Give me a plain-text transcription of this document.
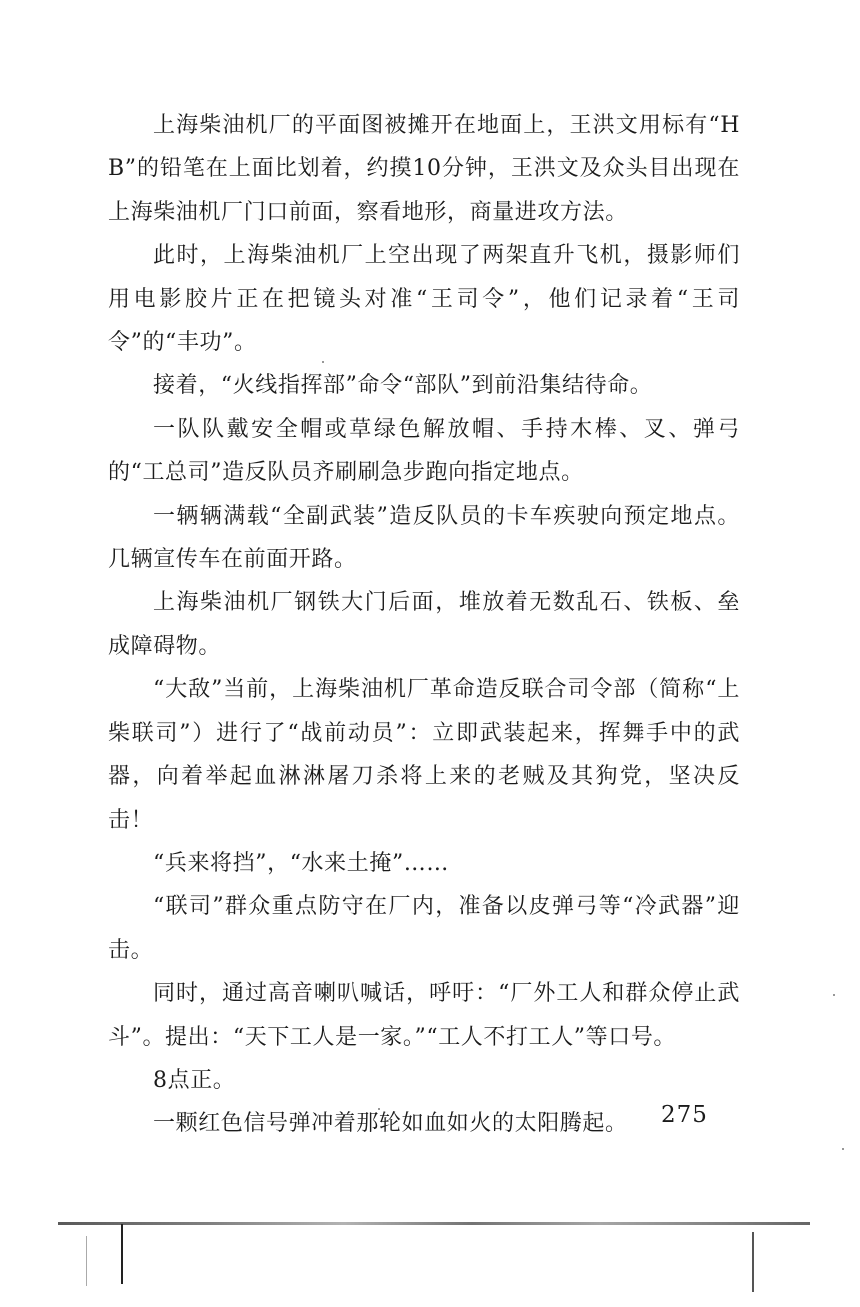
上海柴油机厂的平面图被摊开在地面上，王洪文用标有“HB”的铅笔在上面比划着，约摸10分钟，王洪文及众头目出现在上海柴油机厂门口前面，察看地形，商量进攻方法。

此时，上海柴油机厂上空出现了两架直升飞机，摄影师们用电影胶片正在把镜头对准“王司令”，他们记录着“王司令”的“丰功”。

接着，“火线指挥部”命令“部队”到前沿集结待命。

一队队戴安全帽或草绿色解放帽、手持木棒、叉、弹弓的“工总司”造反队员齐刷刷急步跑向指定地点。

一辆辆满载“全副武装”造反队员的卡车疾驶向预定地点。几辆宣传车在前面开路。

上海柴油机厂钢铁大门后面，堆放着无数乱石、铁板、垒成障碍物。

“大敌”当前，上海柴油机厂革命造反联合司令部（简称“上柴联司”）进行了“战前动员”：立即武装起来，挥舞手中的武器，向着举起血淋淋屠刀杀将上来的老贼及其狗党，坚决反击！

“兵来将挡”，“水来土掩”……

“联司”群众重点防守在厂内，准备以皮弹弓等“冷武器”迎击。

同时，通过高音喇叭喊话，呼吁：“厂外工人和群众停止武斗”。提出：“天下工人是一家。”“工人不打工人”等口号。

8点正。

一颗红色信号弹冲着那轮如血如火的太阳腾起。	275
